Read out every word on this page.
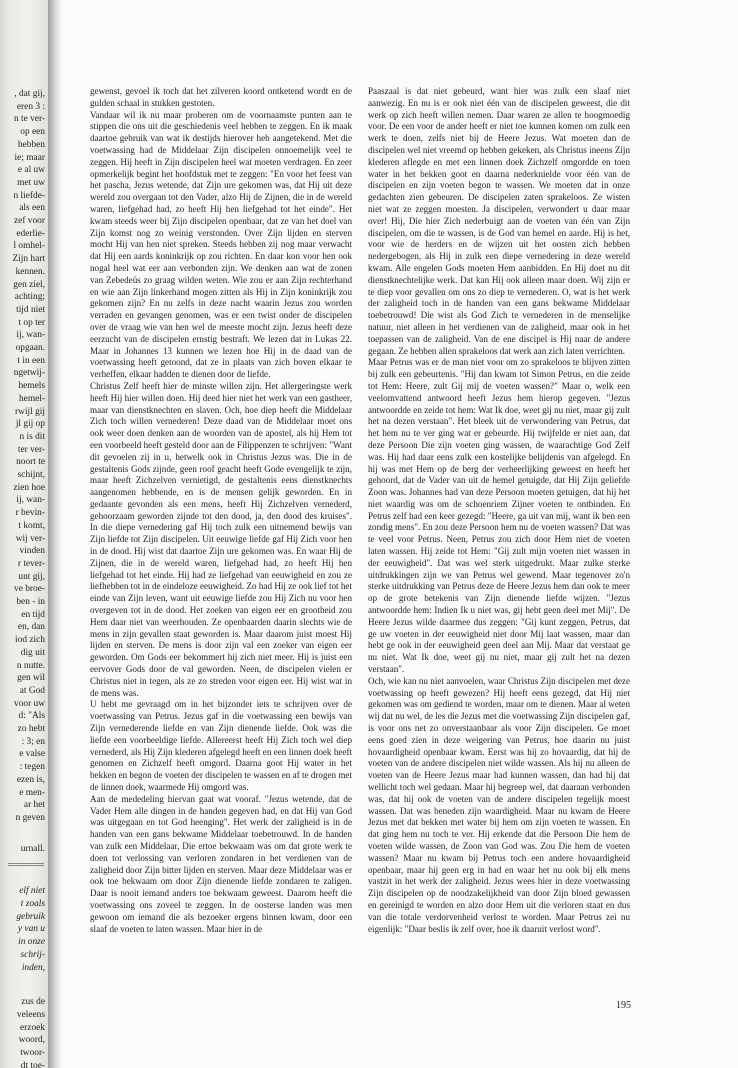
, dat gij,
eren 3 :
n te ver-
op een
hebben
ie; maar
e al uw
met uw
n liefde-
als een
zef voor
ederlie-
l omhel-
Zijn hart
kennen.
gen ziel,
achting;
tijd niet
t op ter
ij, wan-
opgaan.
t in een
ngetwij-
hemels
hemel-
rwijl gij
jl gij op
n is dit
ter ver-
noort te
schijnt,
zien hoe
ij, wan-
r bevin-
t komt,
wij ver-
vinden
r tever-
unt gij,
ve broe-
ben - in
en tijd
en, dan
iod zich
dig uit
n nutte.
gen wil
at God
voor uw
d: "Als
zo hebt
: 3; en
e valse
: tegen
ezen is,
e men-
ar het
n geven
urnall.
elf niet
t zoals
gebruik
y van u
in onze
schrij-
inden,
zus de
veleens
erzoek
woord,
twoor-
dt toe-

gewenst, gevoel ik toch dat het zilveren koord ontketend wordt en de gulden schaal in stukken gestoten.

Vandaar wil ik nu maar proberen om de voornaamste punten aan te stippen die ons uit die geschiedenis veel hebben te zeggen. En ik maak daartoe gebruik van wat ik destijds hierover heb aangetekend. Met die voetwassing had de Middelaar Zijn discipelen onnoemelijk veel te zeggen. Hij heeft in Zijn discipelen heel wat moeten verdragen. En zeer opmerkelijk begint het hoofdstuk met te zeggen: "En voor het feest van het pascha, Jezus wetende, dat Zijn ure gekomen was, dat Hij uit deze wereld zou overgaan tot den Vader, alzo Hij de Zijnen, die in de wereld waren, liefgehad had, zo heeft Hij hen liefgehad tot het einde". Het kwam steeds weer bij Zijn discipelen openbaar, dat ze van het doel van Zijn komst nog zo weinig verstonden. Over Zijn lijden en sterven mocht Hij van hen niet spreken. Steeds hebben zij nog maar verwacht dat Hij een aards koninkrijk op zou richten. En daar kon voor hen ook nogal heel wat eer aan verbonden zijn. We denken aan wat de zonen van Zebedeüs zo graag wilden weten. Wie zou er aan Zijn rechterhand en wie aan Zijn linkerhand mogen zitten als Hij in Zijn koninkrijk zou gekomen zijn? En nu zelfs in deze nacht waarin Jezus zou worden verraden en gevangen genomen, was er een twist onder de discipelen over de vraag wie van hen wel de meeste mocht zijn. Jezus heeft deze eerzucht van de discipelen ernstig bestraft. We lezen dat in Lukas 22. Maar in Johannes 13 kunnen we lezen hoe Hij in de daad van de voetwassing heeft getoond, dat ze in plaats van zich boven elkaar te verheffen, elkaar hadden te dienen door de liefde.

Christus Zelf heeft hier de minste willen zijn. Het allergeringste werk heeft Hij hier willen doen. Hij deed hier niet het werk van een gastheer, maar van dienstknechten en slaven. Och, hoe diep heeft die Middelaar Zich toch willen vernederen! Deze daad van de Middelaar moet ons ook weer doen denken aan de woorden van de apostel, als hij Hem tot een voorbeeld heeft gesteld door aan de Filippenzen te schrijven: "Want dit gevoelen zij in u, hetwelk ook in Christus Jezus was. Die in de gestaltenis Gods zijnde, geen roof geacht heeft Gode evengelijk te zijn, maar heeft Zichzelven vernietigd, de gestaltenis eens dienstknechts aangenomen hebbende, en is de mensen gelijk geworden. En in gedaante gevonden als een mens, heeft Hij Zichzelven vernederd, gehoorzaam geworden zijnde tot den dood, ja, den dood des kruises". In die diepe vernedering gaf Hij toch zulk een uitnemend bewijs van Zijn liefde tot Zijn discipelen. Uit eeuwige liefde gaf Hij Zich voor hen in de dood. Hij wist dat daartoe Zijn ure gekomen was. En waar Hij de Zijnen, die in de wereld waren, liefgehad had, zo heeft Hij hen liefgehad tot het einde. Hij had ze liefgehad van eeuwigheid en zou ze liefhebben tot in de eindeloze eeuwigheid. Zo had Hij ze ook lief tot het einde van Zijn leven, want uit eeuwige liefde zou Hij Zich nu voor hen overgeven tot in de dood. Het zoeken van eigen eer en grootheid zou Hem daar niet van weerhouden. Ze openbaarden daarin slechts wie de mens in zijn gevallen staat geworden is. Maar daarom juist moest Hij lijden en sterven. De mens is door zijn val een zoeker van eigen eer geworden. Om Gods eer bekommert hij zich niet meer. Hij is juist een eervover Gods door de val geworden. Neen, de discipelen vielen er Christus niet in tegen, als ze zo streden voor eigen eer. Hij wist wat in de mens was.

U hebt me gevraagd om in het bijzonder iets te schrijven over de voetwassing van Petrus. Jezus gaf in die voetwassing een bewijs van Zijn vernederende liefde en van Zijn dienende liefde. Ook was die liefde een voorbeeldige liefde. Allereerst heeft Hij Zich toch wel diep vernederd, als Hij Zijn klederen afgelegd heeft en een linnen doek heeft genomen en Zichzelf heeft omgord. Daarna goot Hij water in het bekken en begon de voeten der discipelen te wassen en af te drogen met de linnen doek, waarmede Hij omgord was.

Aan de mededeling hiervan gaat wat vooraf. "Jezus wetende, dat de Vader Hem alle dingen in de handen gegeven had, en dat Hij van God was uitgegaan en tot God heenging". Het werk der zaligheid is in de handen van een gans bekwame Middelaar toebetrouwd. In de handen van zulk een Middelaar, Die ertoe bekwaam was om dat grote werk te doen tot verlossing van verloren zondaren in het verdienen van de zaligheid door Zijn bitter lijden en sterven. Maar deze Middelaar was er ook toe bekwaam om door Zijn dienende liefde zondaren te zaligen. Daar is nooit iemand anders toe bekwaam geweest. Daarom heeft die voetwassing ons zoveel te zeggen. In de oosterse landen was men gewoon om iemand die als bezoeker ergens binnen kwam, door een slaaf de voeten te laten wassen. Maar hier in de

Paaszaal is dat niet gebeurd, want hier was zulk een slaaf niet aanwezig. En nu is er ook niet één van de discipelen geweest, die dit werk op zich heeft willen nemen. Daar waren ze allen te hoogmoedig voor. De een voor de ander heeft er niet toe kunnen komen om zulk een werk te doen, zelfs niet bij de Heere Jezus. Wat moeten dan de discipelen wel niet vreemd op hebben gekeken, als Christus ineens Zijn klederen aflegde en met een linnen doek Zichzelf omgordde en toen water in het bekken goot en daarna nederknielde voor één van de discipelen en zijn voeten begon te wassen. We moeten dat in onze gedachten zien gebeuren. De discipelen zaten sprakeloos. Ze wisten niet wat ze zeggen moesten. Ja discipelen, verwondert u daar maar over! Hij, Die hier Zich nederbuigt aan de voeten van één van Zijn discipelen, om die te wassen, is de God van hemel en aarde. Hij is het, voor wie de herders en de wijzen uit het oosten zich hebben nedergebogen, als Hij in zulk een diepe vernedering in deze wereld kwam. Alle engelen Gods moeten Hem aanbidden. En Hij doet nu dit dienstknechtelijke werk. Dat kan Hij ook alleen maar doen. Wij zijn er te diep voor gevallen om ons zo diep te vernederen. O, wat is het werk der zaligheid toch in de handen van een gans bekwame Middelaar toebetrouwd! Die wist als God Zich te vernederen in de menselijke natuur, niet alleen in het verdienen van de zaligheid, maar ook in het toepassen van de zaligheid. Van de ene discipel is Hij naar de andere gegaan. Ze hebben allen sprakeloos dat werk aan zich laten verrichten.

Maar Petrus was er de man niet voor om zo sprakeloos te blijven zitten bij zulk een gebeurtenis. "Hij dan kwam tot Simon Petrus, en die zeide tot Hem: Heere, zult Gij mij de voeten wassen?" Maar o, welk een veelomvattend antwoord heeft Jezus hem hierop gegeven. "Jezus antwoordde en zeide tot hem: Wat Ik doe, weet gij nu niet, maar gij zult het na dezen verstaan". Het bleek uit de verwondering van Petrus, dat het hem nu te ver ging wat er gebeurde. Hij twijfelde er niet aan, dat deze Persoon Die zijn voeten ging wassen, de waarachtige God Zelf was. Hij had daar eens zulk een kostelijke belijdenis van afgelegd. En hij was met Hem op de berg der verheerlijking geweest en heeft het gehoord, dat de Vader van uit de hemel getuigde, dat Hij Zijn geliefde Zoon was. Johannes had van deze Persoon moeten getuigen, dat hij het niet waardig was om de schoenriem Zijner voeten te ontbinden. En Petrus zelf had een keer gezegd: "Heere, ga uit van mij, want ik ben een zondig mens". En zou deze Persoon hem nu de voeten wassen? Dat was te veel voor Petrus. Neen, Petrus zou zich door Hem niet de voeten laten wassen. Hij zeide tot Hem: "Gij zult mijn voeten niet wassen in der eeuwigheid". Dat was wel sterk uitgedrukt. Maar zulke sterke uitdrukkingen zijn we van Petrus wel gewend. Maar tegenover zo'n sterke uitdrukking van Petrus deze de Heere Jezus hem dan ook te meer op de grote betekenis van Zijn dienende liefde wijzen. "Jezus antwoordde hem: Indien Ik u niet was, gij hebt geen deel met Mij". De Heere Jezus wilde daarmee dus zeggen: "Gij kunt zeggen, Petrus, dat ge uw voeten in der eeuwigheid niet door Mij laat wassen, maar dan hebt ge ook in der eeuwigheid geen deel aan Mij. Maar dat verstaat ge nu niet. Wat Ik doe, weet gij nu niet, maar gij zult het na dezen verstaan".

Och, wie kan nu niet aanvoelen, waar Christus Zijn discipelen met deze voetwassing op heeft gewezen? Hij heeft eens gezegd, dat Hij niet gekomen was om gediend te worden, maar om te dienen. Maar al weten wij dat nu wel, de les die Jezus met die voetwassing Zijn discipelen gaf, is voor ons net zo onverstaanbaar als voor Zijn discipelen. Ge moet eens goed zien in deze weigering van Petrus, hoe daarin nu juist hovaardigheid openbaar kwam. Eerst was hij zo hovaardig, dat hij de voeten van de andere discipelen niet wilde wassen. Als hij nu alleen de voeten van de Heere Jezus maar had kunnen wassen, dan had hij dat wellicht toch wel gedaan. Maar hij begreep wel, dat daaraan verbonden was, dat hij ook de voeten van de andere discipelen tegelijk moest wassen. Dat was beneden zijn waardigheid. Maar nu kwam de Heere Jezus met dat bekken met water bij hem om zijn voeten te wassen. En dat ging hem nu toch te ver. Hij erkende dat die Persoon Die hem de voeten wilde wassen, de Zoon van God was. Zou Die hem de voeten wassen? Maar nu kwam bij Petrus toch een andere hovaardigheid openbaar, maar hij geen erg in had en waar het nu ook bij elk mens vastzit in het werk der zaligheid. Jezus wees hier in deze voetwassing Zijn discipelen op de noodzakelijkheid van door Zijn bloed gewassen en gereinigd te worden en alzo door Hem uit die verloren staat en dus van die totale verdorvenheid verlost te worden. Maar Petrus zei nu eigenlijk: "Daar beslis ik zelf over, hoe ik daaruit verlost word".

195
